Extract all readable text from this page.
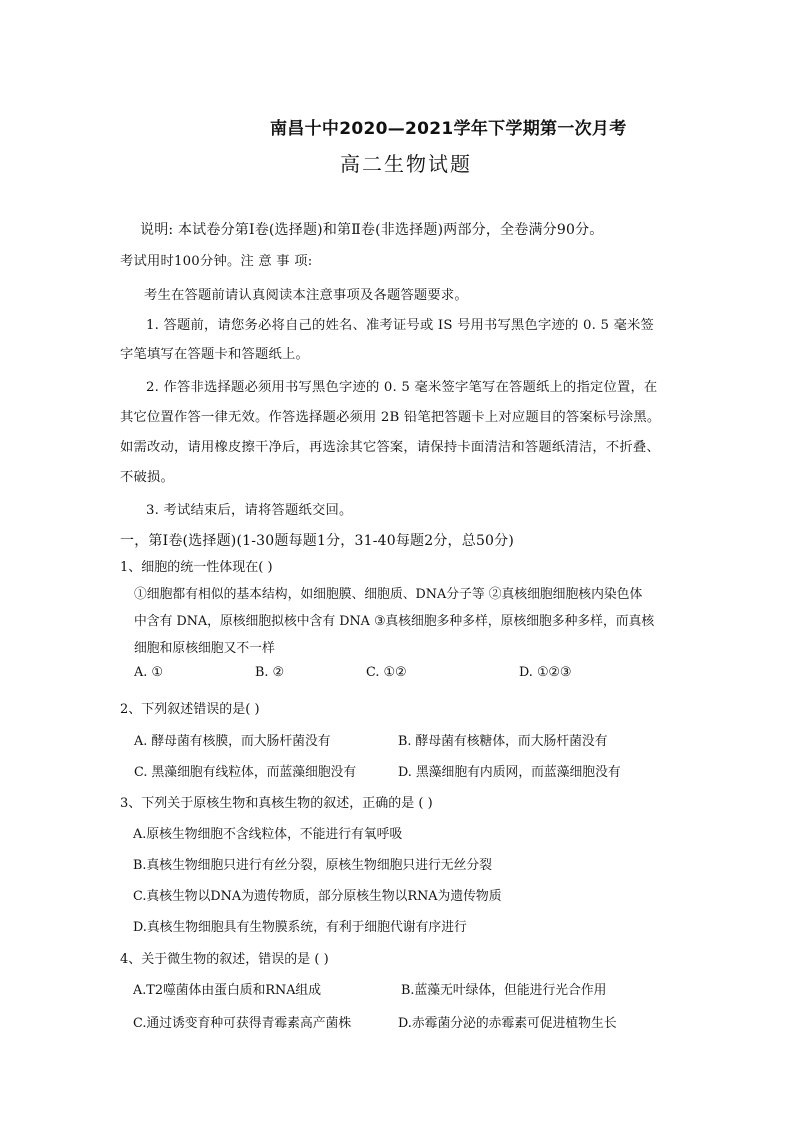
南昌十中2020—2021学年下学期第一次月考
高二生物试题
说明: 本试卷分第Ⅰ卷(选择题)和第Ⅱ卷(非选择题)两部分，全卷满分90分。
考试用时100分钟。注 意 事 项:
考生在答题前请认真阅读本注意事项及各题答题要求。
1. 答题前，请您务必将自己的姓名、准考证号或 IS 号用书写黑色字迹的 0. 5 毫米签
字笔填写在答题卡和答题纸上。
2. 作答非选择题必须用书写黑色字迹的 0. 5 毫米签字笔写在答题纸上的指定位置，在
其它位置作答一律无效。作答选择题必须用 2B 铅笔把答题卡上对应题目的答案标号涂黑。
如需改动，请用橡皮擦干净后，再选涂其它答案，请保持卡面清洁和答题纸清洁，不折叠、
不破损。
3. 考试结束后，请将答题纸交回。
一，第Ⅰ卷(选择题)(1-30题每题1分，31-40每题2分，总50分)
1、细胞的统一性体现在( )
①细胞都有相似的基本结构，如细胞膜、细胞质、DNA分子等 ②真核细胞细胞核内染色体
中含有 DNA，原核细胞拟核中含有 DNA ③真核细胞多种多样，原核细胞多种多样，而真核
细胞和原核细胞又不一样
A. ①	B. ②	C. ①②	D. ①②③
2、下列叙述错误的是( )
A. 酵母菌有核膜，而大肠杆菌没有	B. 酵母菌有核糖体，而大肠杆菌没有
C. 黑藻细胞有线粒体，而蓝藻细胞没有	D. 黑藻细胞有内质网，而蓝藻细胞没有
3、下列关于原核生物和真核生物的叙述，正确的是 ( )
A.原核生物细胞不含线粒体，不能进行有氧呼吸
B.真核生物细胞只进行有丝分裂，原核生物细胞只进行无丝分裂
C.真核生物以DNA为遗传物质，部分原核生物以RNA为遗传物质
D.真核生物细胞具有生物膜系统，有利于细胞代谢有序进行
4、关于微生物的叙述，错误的是 ( )
A.T2噬菌体由蛋白质和RNA组成	B.蓝藻无叶绿体，但能进行光合作用
C.通过诱变育种可获得青霉素高产菌株	D.赤霉菌分泌的赤霉素可促进植物生长
